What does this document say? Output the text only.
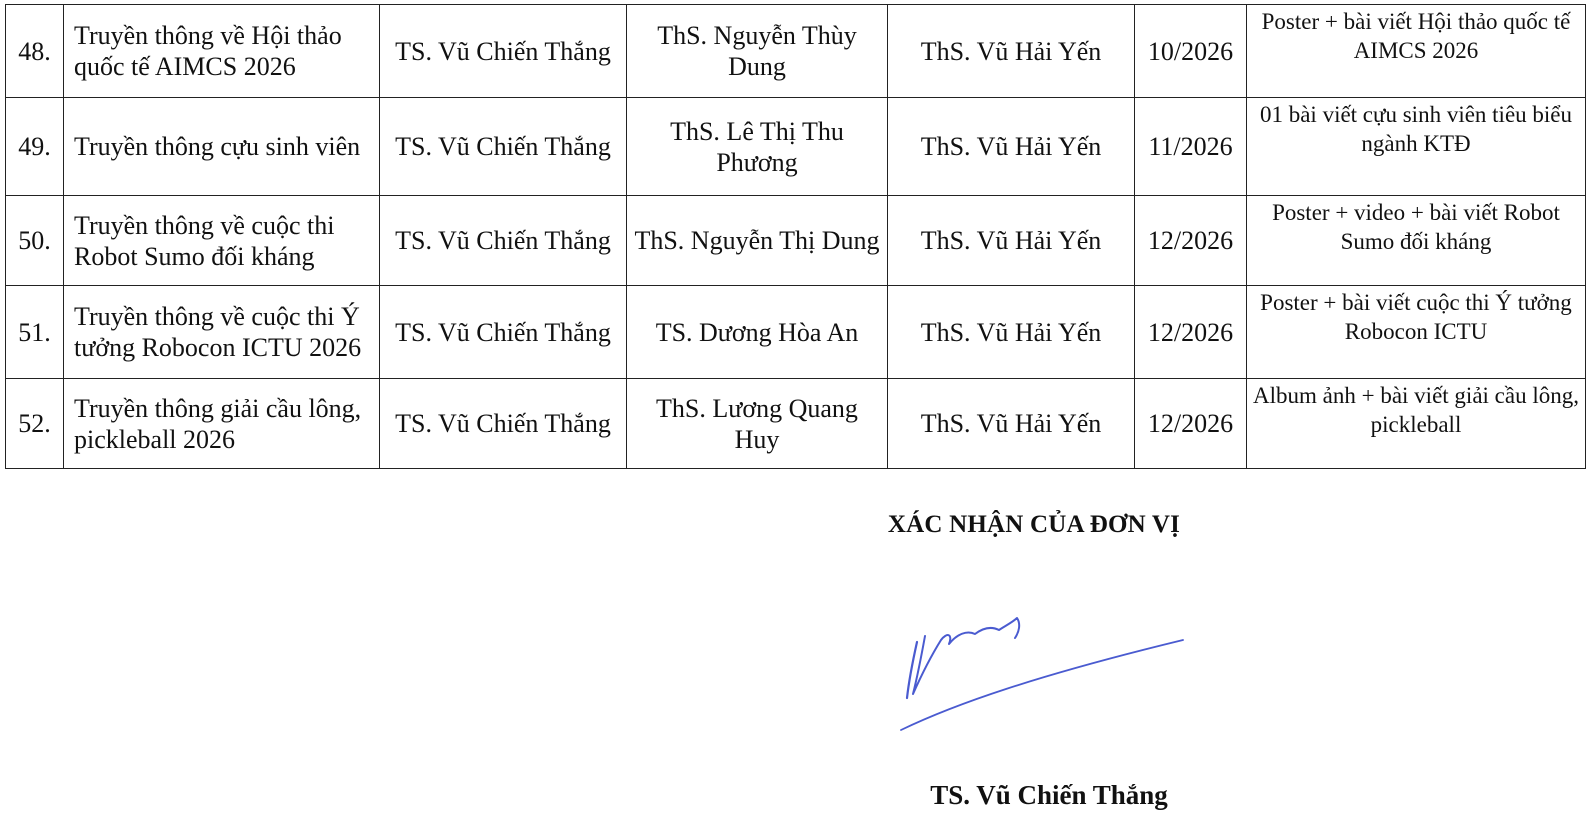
48.	Truyền thông về Hội thảo quốc tế AIMCS 2026	TS. Vũ Chiến Thắng	ThS. Nguyễn Thùy Dung	ThS. Vũ Hải Yến	10/2026	Poster + bài viết Hội thảo quốc tế AIMCS 2026
49.	Truyền thông cựu sinh viên	TS. Vũ Chiến Thắng	ThS. Lê Thị Thu Phương	ThS. Vũ Hải Yến	11/2026	01 bài viết cựu sinh viên tiêu biểu ngành KTĐ
50.	Truyền thông về cuộc thi Robot Sumo đối kháng	TS. Vũ Chiến Thắng	ThS. Nguyễn Thị Dung	ThS. Vũ Hải Yến	12/2026	Poster + video + bài viết Robot Sumo đối kháng
51.	Truyền thông về cuộc thi Ý tưởng Robocon ICTU 2026	TS. Vũ Chiến Thắng	TS. Dương Hòa An	ThS. Vũ Hải Yến	12/2026	Poster + bài viết cuộc thi Ý tưởng Robocon ICTU
52.	Truyền thông giải cầu lông, pickleball 2026	TS. Vũ Chiến Thắng	ThS. Lương Quang Huy	ThS. Vũ Hải Yến	12/2026	Album ảnh + bài viết giải cầu lông, pickleball
XÁC NHẬN CỦA ĐƠN VỊ
TS. Vũ Chiến Thắng
